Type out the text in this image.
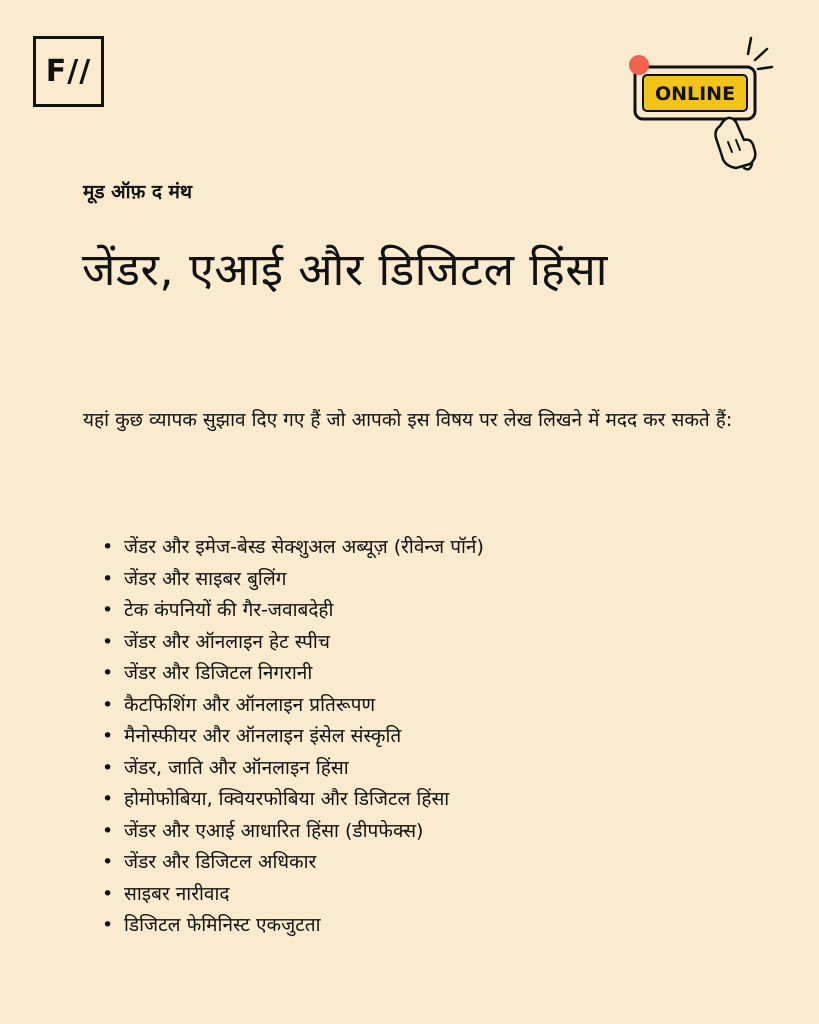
F//
ONLINE
मूड ऑफ़ द मंथ
जेंडर, एआई और डिजिटल हिंसा

यहां कुछ व्यापक सुझाव दिए गए हैं जो आपको इस विषय पर लेख लिखने में मदद कर सकते हैं:

• जेंडर और इमेज-बेस्ड सेक्शुअल अब्यूज़ (रीवेन्ज पॉर्न)
• जेंडर और साइबर बुलिंग
• टेक कंपनियों की गैर-जवाबदेही
• जेंडर और ऑनलाइन हेट स्पीच
• जेंडर और डिजिटल निगरानी
• कैटफिशिंग और ऑनलाइन प्रतिरूपण
• मैनोस्फीयर और ऑनलाइन इंसेल संस्कृति
• जेंडर, जाति और ऑनलाइन हिंसा
• होमोफोबिया, क्वियरफोबिया और डिजिटल हिंसा
• जेंडर और एआई आधारित हिंसा (डीपफेक्स)
• जेंडर और डिजिटल अधिकार
• साइबर नारीवाद
• डिजिटल फेमिनिस्ट एकजुटता
